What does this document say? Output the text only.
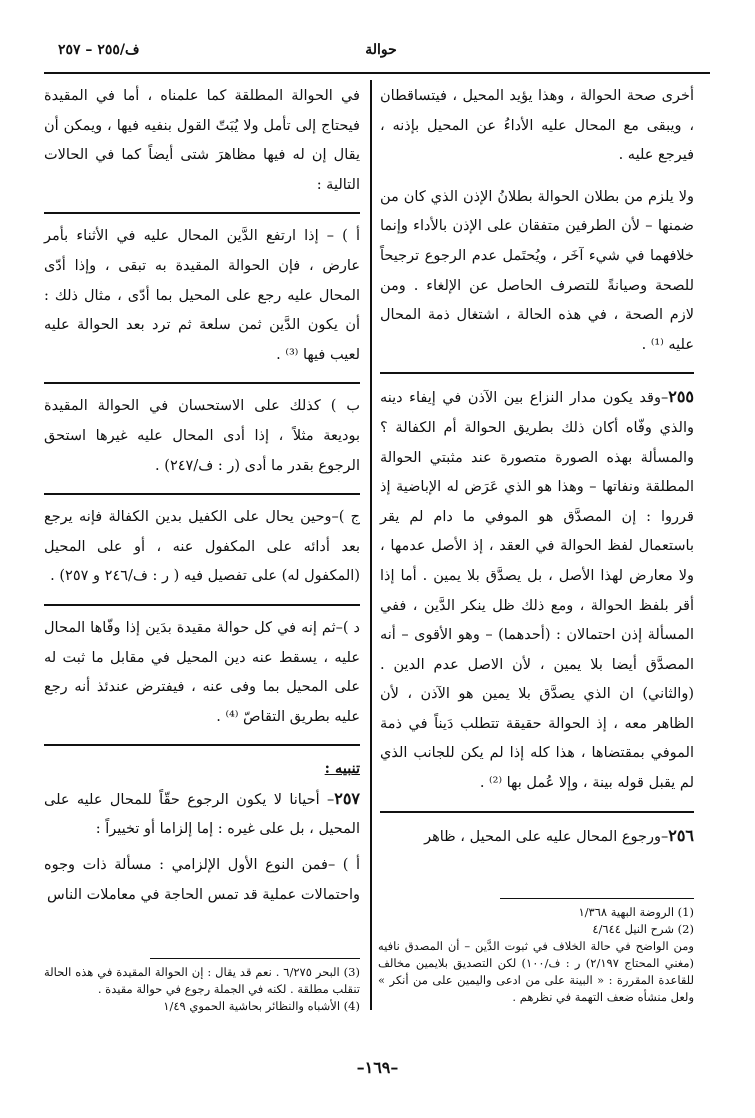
حوالة
ف/٢٥٥ – ٢٥٧

أخرى صحة الحوالة ، وهذا يؤيد المحيل ، فيتساقطان ، ويبقى مع المحال عليه الأداءُ عن المحيل بإذنه ، فيرجع عليه .

ولا يلزم من بطلان الحوالة بطلانُ الإذن الذي كان من ضمنها – لأن الطرفين متفقان على الإذن بالأداء وإنما خلافهما في شيء آخَر ، ويُحتَمل عدم الرجوع ترجيحاً للصحة وصيانةً للتصرف الحاصل عن الإلغاء . ومن لازم الصحة ، في هذه الحالة ، اشتغال ذمة المحال عليه ⁽¹⁾ .

٢٥٥–وقد يكون مدار النزاع بين الآذن في إيفاء دينه والذي وفّاه أكان ذلك بطريق الحوالة أم الكفالة ؟ والمسألة بهذه الصورة متصورة عند مثبتي الحوالة المطلقة ونفاتها – وهذا هو الذي عَرَض له الإباضية إذ قرروا : إن المصدَّق هو الموفي ما دام لم يقر باستعمال لفظ الحوالة في العقد ، إذ الأصل عدمها ، ولا معارض لهذا الأصل ، بل يصدَّق بلا يمين . أما إذا أقر بلفظ الحوالة ، ومع ذلك ظل ينكر الدَّين ، ففي المسألة إذن احتمالان : (أحدهما) – وهو الأقوى – أنه المصدَّق أيضا بلا يمين ، لأن الاصل عدم الدين . (والثاني) ان الذي يصدَّق بلا يمين هو الآذن ، لأن الظاهر معه ، إذ الحوالة حقيقة تتطلب دَيناً في ذمة الموفي بمقتضاها ، هذا كله إذا لم يكن للجانب الذي لم يقبل قوله بينة ، وإلا عُمل بها ⁽²⁾ .

٢٥٦–ورجوع المحال عليه على المحيل ، ظاهر

في الحوالة المطلقة كما علمناه ، أما في المقيدة فيحتاج إلى تأمل ولا يُبَتّ القول بنفيه فيها ، ويمكن أن يقال إن له فيها مظاهرَ شتى أيضاً كما في الحالات التالية :

أ ) – إذا ارتفع الدَّين المحال عليه في الأثناء بأمر عارض ، فإن الحوالة المقيدة به تبقى ، وإذا أدّى المحال عليه رجع على المحيل بما أدّى ، مثال ذلك : أن يكون الدَّين ثمن سلعة ثم ترد بعد الحوالة عليه لعيب فيها ⁽³⁾ .

ب ) كذلك على الاستحسان في الحوالة المقيدة بوديعة مثلاً ، إذا أدى المحال عليه غيرها استحق الرجوع بقدر ما أدى (ر : ف/٢٤٧) .

ج )–وحين يحال على الكفيل بدين الكفالة فإنه يرجع بعد أدائه على المكفول عنه ، أو على المحيل (المكفول له) على تفصيل فيه ( ر : ف/٢٤٦ و ٢٥٧) .

د )–ثم إنه في كل حوالة مقيدة بدَين إذا وفّاها المحال عليه ، يسقط عنه دين المحيل في مقابل ما ثبت له على المحيل بما وفى عنه ، فيفترض عندئذ أنه رجع عليه بطريق التقاصّ ⁽⁴⁾ .

تنبيه :
٢٥٧– أحيانا لا يكون الرجوع حقّاً للمحال عليه على المحيل ، بل على غيره : إما إلزاما أو تخييراً :

أ ) –فمن النوع الأول الإلزامي : مسألة ذات وجوه واحتمالات عملية قد تمس الحاجة في معاملات الناس

(1) الروضة البهية ١/٣٦٨
(2) شرح النيل ٤/٦٤٤
ومن الواضح في حالة الخلاف في ثبوت الدَّين – أن المصدق نافيه (مغني المحتاج ٢/١٩٧) ر : ف/١٠٠) لكن التصديق بلايمين مخالف للقاعدة المقررة : « البينة على من ادعى واليمين على من أنكر » ولعل منشأه ضعف التهمة في نظرهم .
(3) البحر ٦/٢٧٥ . نعم قد يقال : إن الحوالة المقيدة في هذه الحالة تنقلب مطلقة . لكنه في الجملة رجوع في حوالة مقيدة .
(4) الأشباه والنظائر بحاشية الحموي ١/٤٩
–١٦٩–
